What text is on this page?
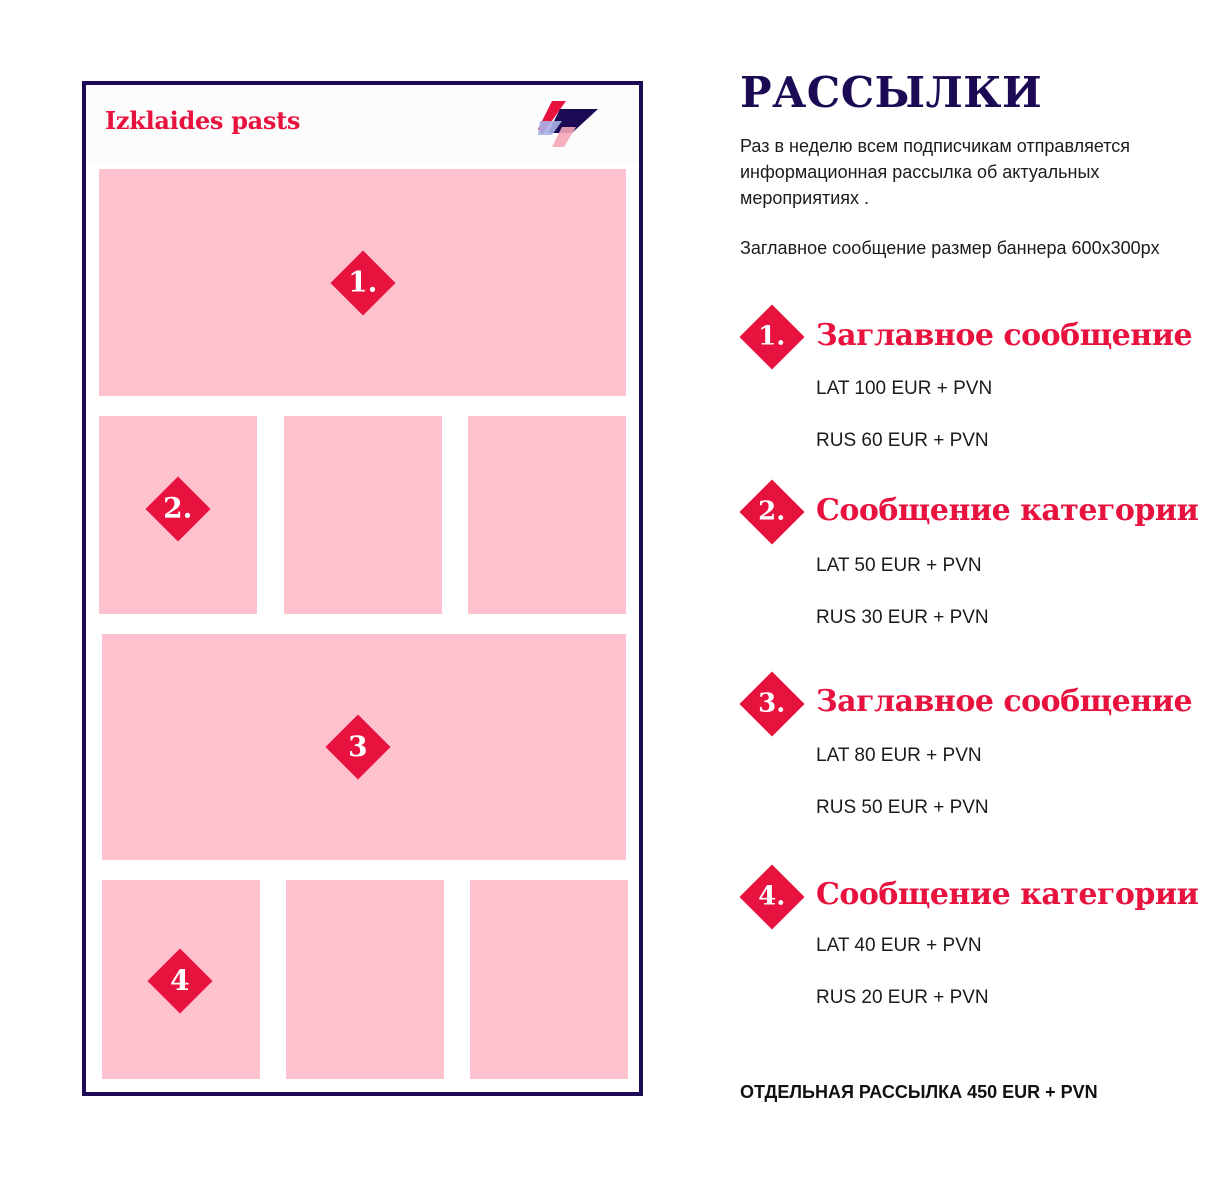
Izklaides pasts
1.
2.
3
4
РАССЫЛКИ

Раз в неделю всем подписчикам отправляется информационная рассылка об актуальных мероприятиях .

Заглавное сообщение размер баннера 600x300px

1. Заглавное сообщение

LAT 100 EUR + PVN

RUS 60 EUR + PVN

2. Сообщение категории

LAT 50 EUR + PVN

RUS 30 EUR + PVN

3. Заглавное сообщение

LAT 80 EUR + PVN

RUS 50 EUR + PVN

4. Сообщение категории

LAT 40 EUR + PVN

RUS 20 EUR + PVN

ОТДЕЛЬНАЯ РАССЫЛКА 450 EUR + PVN
